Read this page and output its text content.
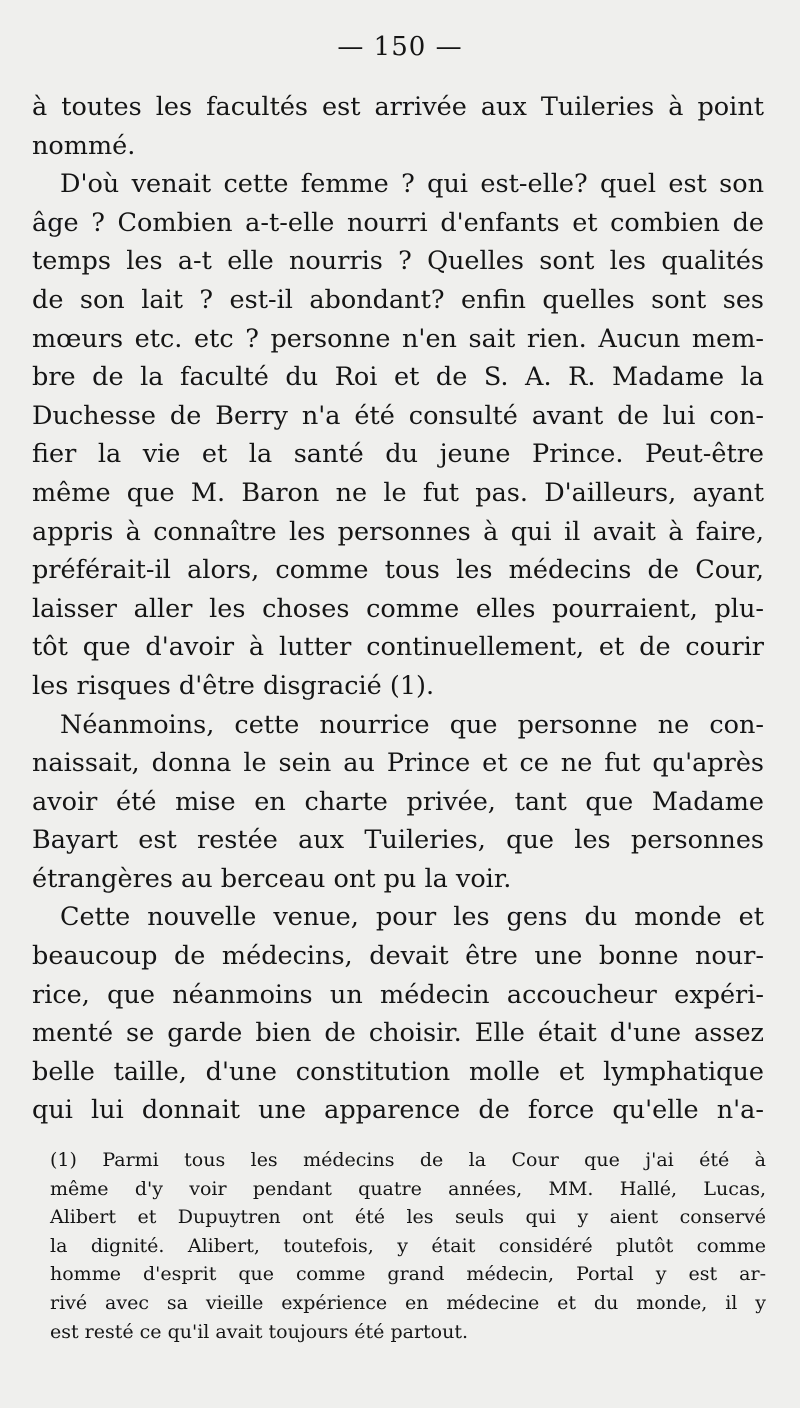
— 150 —

à toutes les facultés est arrivée aux Tuileries à point
nommé.

D'où venait cette femme ? qui est-elle? quel est son
âge ? Combien a-t-elle nourri d'enfants et combien de
temps les a-t elle nourris ? Quelles sont les qualités
de son lait ? est-il abondant? enfin quelles sont ses
mœurs etc. etc ? personne n'en sait rien. Aucun mem-
bre de la faculté du Roi et de S. A. R. Madame la
Duchesse de Berry n'a été consulté avant de lui con-
fier la vie et la santé du jeune Prince. Peut-être
même que M. Baron ne le fut pas. D'ailleurs, ayant
appris à connaître les personnes à qui il avait à faire,
préférait-il alors, comme tous les médecins de Cour,
laisser aller les choses comme elles pourraient, plu-
tôt que d'avoir à lutter continuellement, et de courir
les risques d'être disgracié (1).

Néanmoins, cette nourrice que personne ne con-
naissait, donna le sein au Prince et ce ne fut qu'après
avoir été mise en charte privée, tant que Madame
Bayart est restée aux Tuileries, que les personnes
étrangères au berceau ont pu la voir.

Cette nouvelle venue, pour les gens du monde et
beaucoup de médecins, devait être une bonne nour-
rice, que néanmoins un médecin accoucheur expéri-
menté se garde bien de choisir. Elle était d'une assez
belle taille, d'une constitution molle et lymphatique
qui lui donnait une apparence de force qu'elle n'a-

(1) Parmi tous les médecins de la Cour que j'ai été à
même d'y voir pendant quatre années, MM. Hallé, Lucas,
Alibert et Dupuytren ont été les seuls qui y aient conservé
la dignité. Alibert, toutefois, y était considéré plutôt comme
homme d'esprit que comme grand médecin, Portal y est ar-
rivé avec sa vieille expérience en médecine et du monde, il y
est resté ce qu'il avait toujours été partout.
